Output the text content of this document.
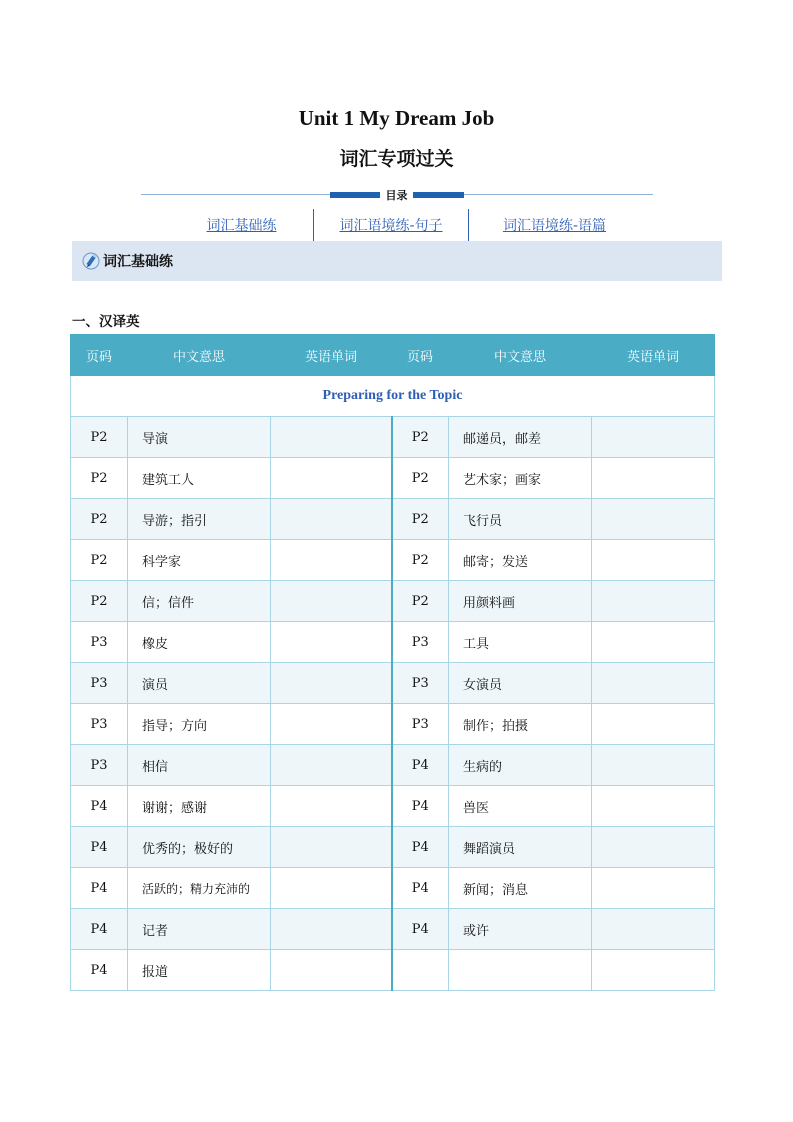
Unit 1 My Dream Job
词汇专项过关
目录
词汇基础练	词汇语境练-句子	词汇语境练-语篇
词汇基础练
一、汉译英
页码	中文意思	英语单词	页码	中文意思	英语单词
Preparing for the Topic					
P2	导演		P2	邮递员，邮差	
P2	建筑工人		P2	艺术家；画家	
P2	导游；指引		P2	飞行员	
P2	科学家		P2	邮寄；发送	
P2	信；信件		P2	用颜料画	
P3	橡皮		P3	工具	
P3	演员		P3	女演员	
P3	指导；方向		P3	制作；拍摄	
P3	相信		P4	生病的	
P4	谢谢；感谢		P4	兽医	
P4	优秀的；极好的		P4	舞蹈演员	
P4	活跃的；精力充沛的		P4	新闻；消息	
P4	记者		P4	或许	
P4	报道				
